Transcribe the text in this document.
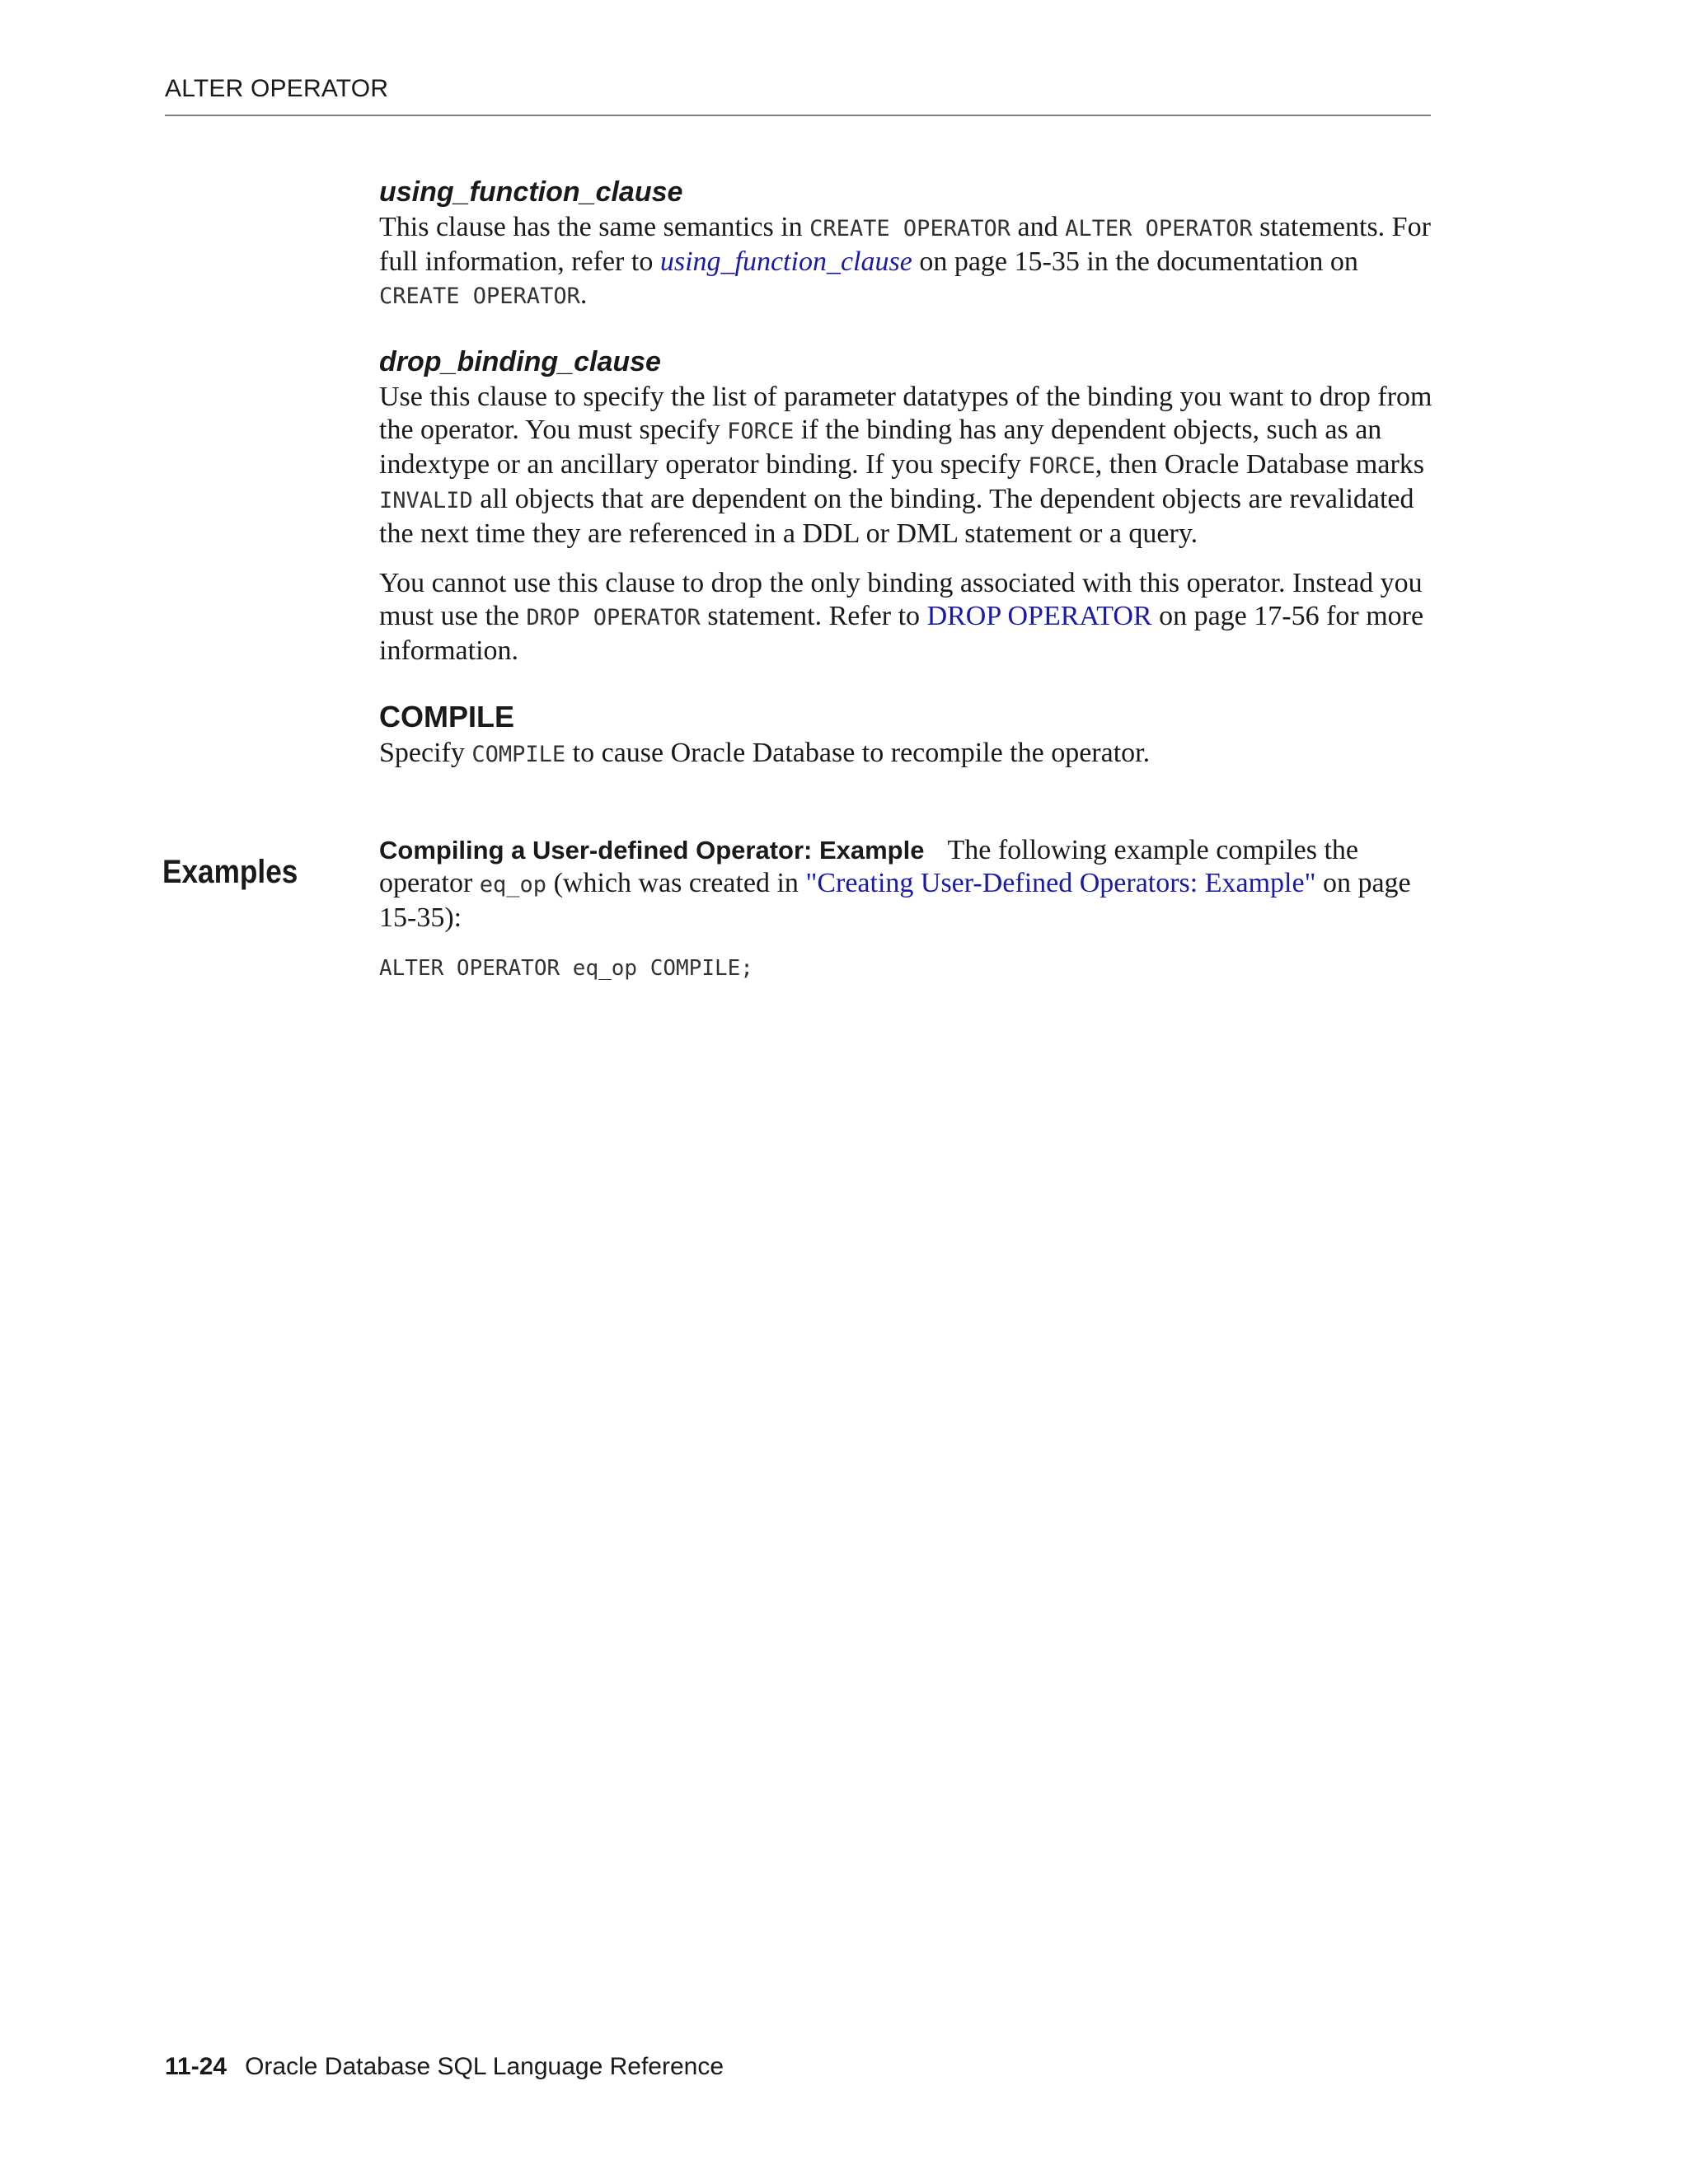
ALTER OPERATOR
Examples
using_function_clause

This clause has the same semantics in CREATE OPERATOR and ALTER OPERATOR statements. For full information, refer to using_function_clause on page 15-35 in the documentation on CREATE OPERATOR.

drop_binding_clause

Use this clause to specify the list of parameter datatypes of the binding you want to drop from the operator. You must specify FORCE if the binding has any dependent objects, such as an indextype or an ancillary operator binding. If you specify FORCE, then Oracle Database marks INVALID all objects that are dependent on the binding. The dependent objects are revalidated the next time they are referenced in a DDL or DML statement or a query.

You cannot use this clause to drop the only binding associated with this operator. Instead you must use the DROP OPERATOR statement. Refer to DROP OPERATOR on page 17-56 for more information.

COMPILE

Specify COMPILE to cause Oracle Database to recompile the operator.

Compiling a User-defined Operator: Example The following example compiles the operator eq_op (which was created in "Creating User-Defined Operators: Example" on page 15-35):

ALTER OPERATOR eq_op COMPILE;
11-24 Oracle Database SQL Language Reference
